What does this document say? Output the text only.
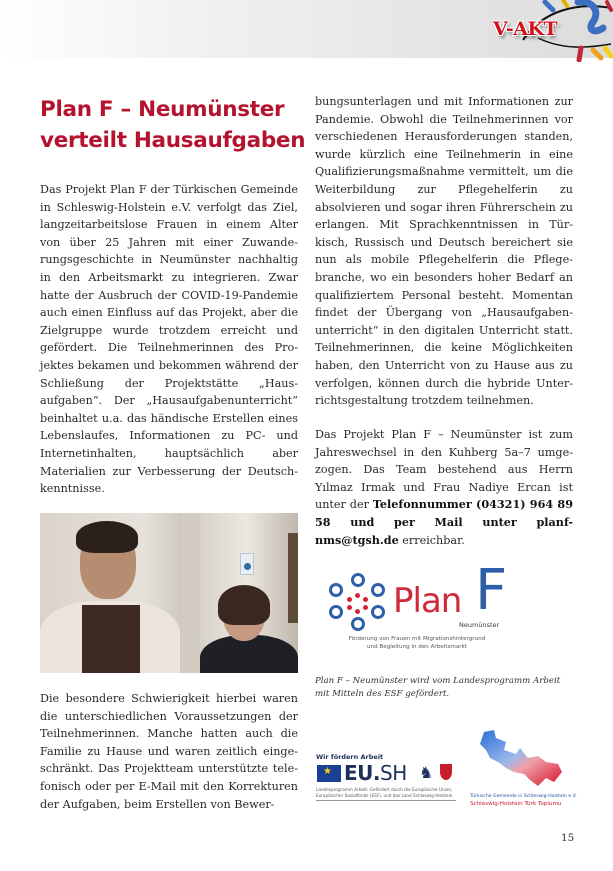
V-AKT
Plan F – Neumünster verteilt Hausaufgaben

Das Projekt Plan F der Türkischen Gemeinde in Schleswig-Holstein e.V. verfolgt das Ziel, langzeitarbeitslose Frauen in einem Alter von über 25 Jahren mit einer Zuwanderungsgeschichte in Neumünster nachhaltig in den Arbeitsmarkt zu integrieren. Zwar hatte der Ausbruch der COVID-19-Pandemie auch einen Einfluss auf das Projekt, aber die Zielgruppe wurde trotzdem erreicht und gefördert. Die Teilnehmerinnen des Projektes bekamen und bekommen während der Schließung der Projektstätte „Hausaufgaben“. Der „Hausaufgabenunterricht“ beinhaltet u.a. das händische Erstellen eines Lebenslaufes, Informationen zu PC- und Internetinhalten, hauptsächlich aber Materialien zur Verbesserung der Deutschkenntnisse.

Die besondere Schwierigkeit hierbei waren die unterschiedlichen Voraussetzungen der Teilnehmerinnen. Manche hatten auch die Familie zu Hause und waren zeitlich eingeschränkt. Das Projektteam unterstützte telefonisch oder per E-Mail mit den Korrekturen der Aufgaben, beim Erstellen von Bewer-

bungsunterlagen und mit Informationen zur Pandemie. Obwohl die Teilnehmerinnen vor verschiedenen Herausforderungen standen, wurde kürzlich eine Teilnehmerin in eine Qualifizierungsmaßnahme vermittelt, um die Weiterbildung zur Pflegehelferin zu absolvieren und sogar ihren Führerschein zu erlangen. Mit Sprachkenntnissen in Türkisch, Russisch und Deutsch bereichert sie nun als mobile Pflegehelferin die Pflegebranche, wo ein besonders hoher Bedarf an qualifiziertem Personal besteht. Momentan findet der Übergang von „Hausaufgabenunterricht“ in den digitalen Unterricht statt. Teilnehmerinnen, die keine Möglichkeiten haben, den Unterricht von zu Hause aus zu verfolgen, können durch die hybride Unterrichtsgestaltung trotzdem teilnehmen.

Das Projekt Plan F – Neumünster ist zum Jahreswechsel in den Kuhberg 5a–7 umgezogen. Das Team bestehend aus Herrn Yılmaz Irmak und Frau Nadiye Ercan ist unter der Telefonnummer (04321) 964 89 58 und per Mail unter planf-nms@tgsh.de erreichbar.

Plan F
Neumünster
Förderung von Frauen mit Migrationshintergrund
und Begleitung in den Arbeitsmarkt

Plan F – Neumünster wird vom Landesprogramm Arbeit mit Mitteln des ESF gefördert.

Wir fördern Arbeit
★
EU.SH ♞
Landesprogramm Arbeit: Gefördert durch die Europäische Union, Europäischer Sozialfonds (ESF), und das Land Schleswig-Holstein	Türkische Gemeinde in Schleswig-Holstein e.V.
Schleswig-Holstein Türk Toplumu
15
